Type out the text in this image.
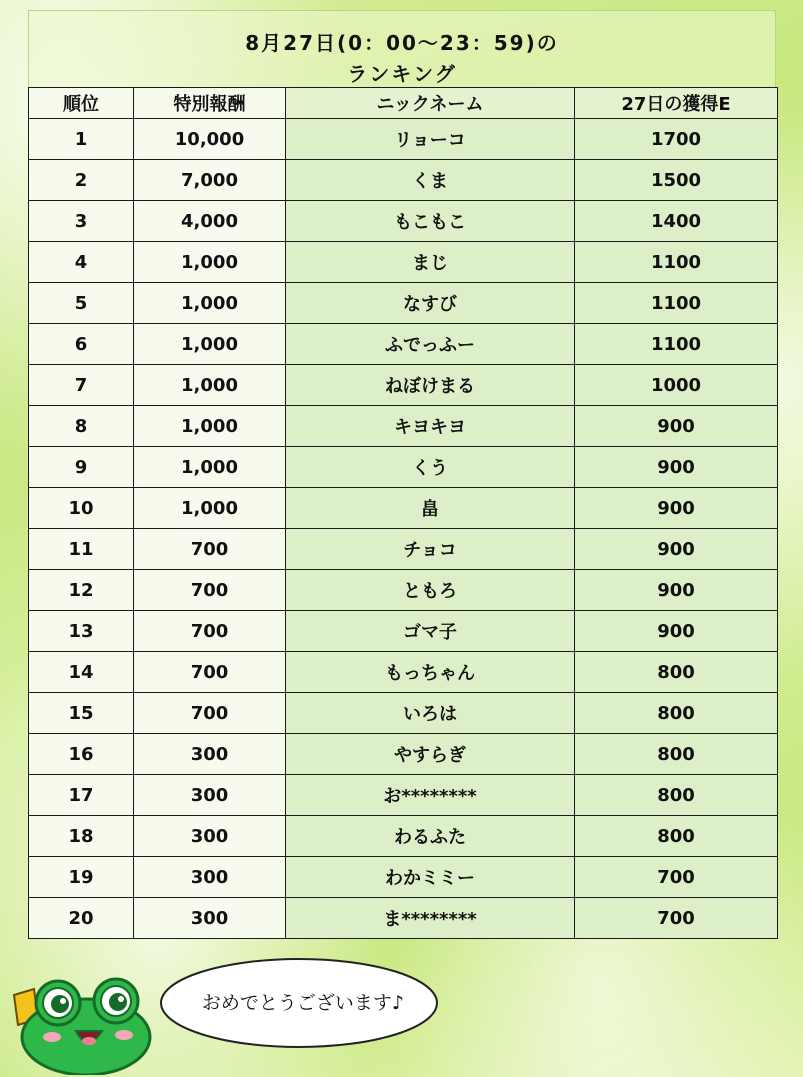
8月27日(0：00～23：59)の
ランキング
順位	特別報酬	ニックネーム	27日の獲得E
1	10,000	リョーコ	1700
2	7,000	くま	1500
3	4,000	もこもこ	1400
4	1,000	まじ	1100
5	1,000	なすび	1100
6	1,000	ふでっふー	1100
7	1,000	ねぼけまる	1000
8	1,000	キヨキヨ	900
9	1,000	くう	900
10	1,000	畠	900
11	700	チョコ	900
12	700	ともろ	900
13	700	ゴマ子	900
14	700	もっちゃん	800
15	700	いろは	800
16	300	やすらぎ	800
17	300	お********	800
18	300	わるふた	800
19	300	わかミミー	700
20	300	ま********	700
おめでとうございます♪
